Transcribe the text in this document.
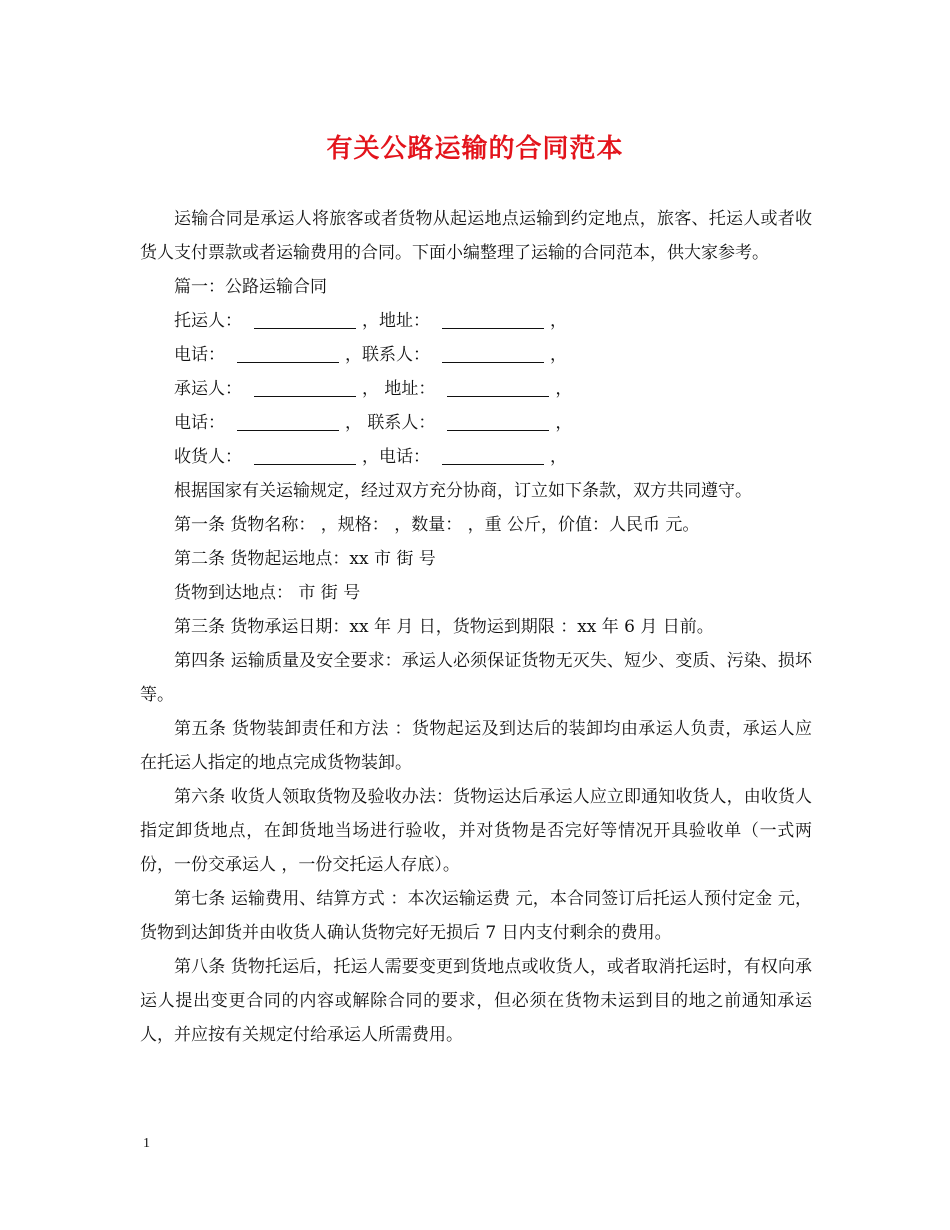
有关公路运输的合同范本

运输合同是承运人将旅客或者货物从起运地点运输到约定地点，旅客、托运人或者收货人支付票款或者运输费用的合同。下面小编整理了运输的合同范本，供大家参考。

篇一：公路运输合同

托运人：	，地址：	，

电话：	，联系人：	，

承运人：	， 地址：	，

电话：	， 联系人：	，

收货人：	，电话：	，

根据国家有关运输规定，经过双方充分协商，订立如下条款，双方共同遵守。

第一条 货物名称： ，规格： ，数量： ，重 公斤，价值：人民币 元。

第二条 货物起运地点：xx 市 街 号

货物到达地点： 市 街 号

第三条 货物承运日期：xx 年 月 日，货物运到期限 ：xx 年 6 月 日前。

第四条 运输质量及安全要求：承运人必须保证货物无灭失、短少、变质、污染、损坏等。

第五条 货物装卸责任和方法 ：货物起运及到达后的装卸均由承运人负责，承运人应在托运人指定的地点完成货物装卸。

第六条 收货人领取货物及验收办法：货物运达后承运人应立即通知收货人，由收货人指定卸货地点，在卸货地当场进行验收，并对货物是否完好等情况开具验收单（一式两份，一份交承运人 ，一份交托运人存底）。

第七条 运输费用、结算方式 ：本次运输运费 元，本合同签订后托运人预付定金 元，货物到达卸货并由收货人确认货物完好无损后 7 日内支付剩余的费用。

第八条 货物托运后，托运人需要变更到货地点或收货人，或者取消托运时，有权向承运人提出变更合同的内容或解除合同的要求，但必须在货物未运到目的地之前通知承运人，并应按有关规定付给承运人所需费用。

1
